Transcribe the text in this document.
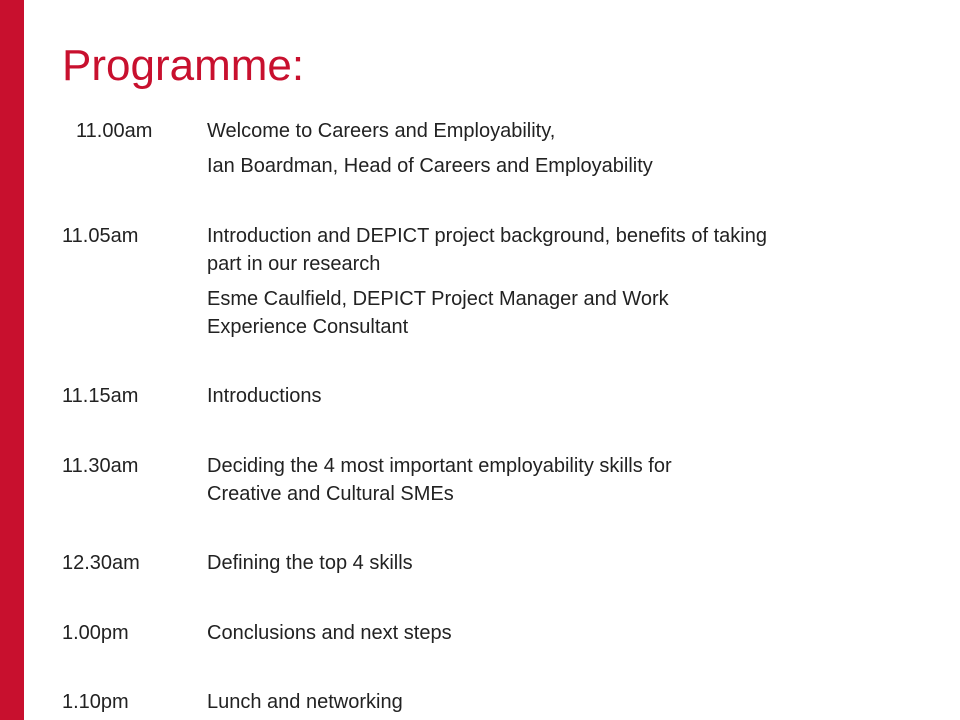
Programme:
11.00am	Welcome to Careers and Employability,
Ian Boardman, Head of Careers and Employability
11.05am	Introduction and DEPICT project background, benefits of taking
part in our research
Esme Caulfield, DEPICT Project Manager and Work
Experience Consultant
11.15am	Introductions
11.30am	Deciding the 4 most important employability skills for
Creative and Cultural SMEs
12.30am	Defining the top 4 skills
1.00pm	Conclusions and next steps
1.10pm	Lunch and networking
